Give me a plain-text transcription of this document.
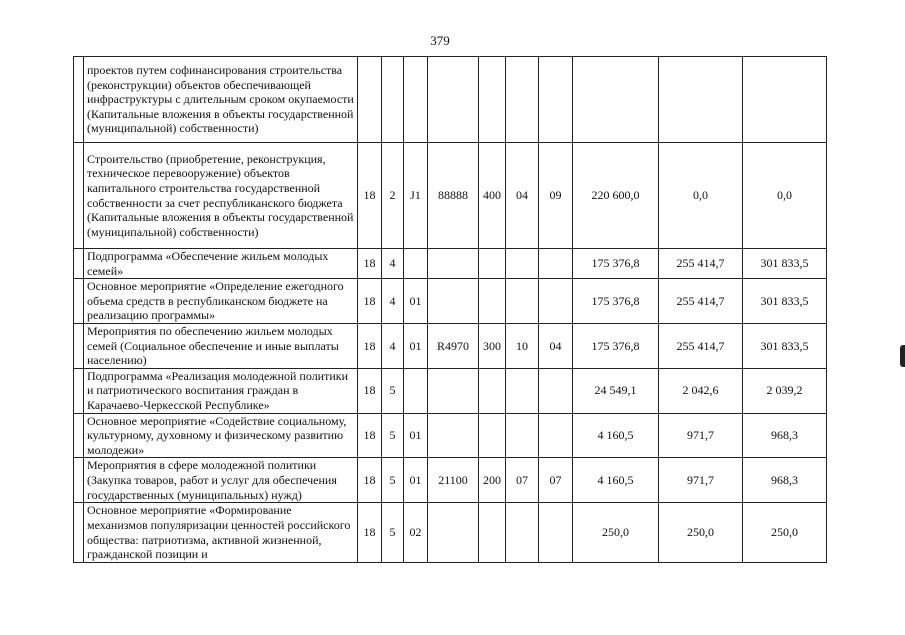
379
	проектов путем софинансирования строительства (реконструкции) объектов обеспечивающей инфраструктуры с длительным сроком окупаемости (Капитальные вложения в объекты государственной (муниципальной) собственности)										
	Строительство (приобретение, реконструкция, техническое перевооружение) объектов капитального строительства государственной собственности за счет республиканского бюджета (Капитальные вложения в объекты государственной (муниципальной) собственности)	18	2	J1	88888	400	04	09	220 600,0	0,0	0,0
	Подпрограмма «Обеспечение жильем молодых семей»	18	4						175 376,8	255 414,7	301 833,5
	Основное мероприятие «Определение ежегодного объема средств в республиканском бюджете на реализацию программы»	18	4	01					175 376,8	255 414,7	301 833,5
	Мероприятия по обеспечению жильем молодых семей (Социальное обеспечение и иные выплаты населению)	18	4	01	R4970	300	10	04	175 376,8	255 414,7	301 833,5
	Подпрограмма «Реализация молодежной политики и патриотического воспитания граждан в Карачаево-Черкесской Республике»	18	5						24 549,1	2 042,6	2 039,2
	Основное мероприятие «Содействие социальному, культурному, духовному и физическому развитию молодежи»	18	5	01					4 160,5	971,7	968,3
	Мероприятия в сфере молодежной политики (Закупка товаров, работ и услуг для обеспечения государственных (муниципальных) нужд)	18	5	01	21100	200	07	07	4 160,5	971,7	968,3
	Основное мероприятие «Формирование механизмов популяризации ценностей российского общества: патриотизма, активной жизненной, гражданской позиции и	18	5	02					250,0	250,0	250,0
